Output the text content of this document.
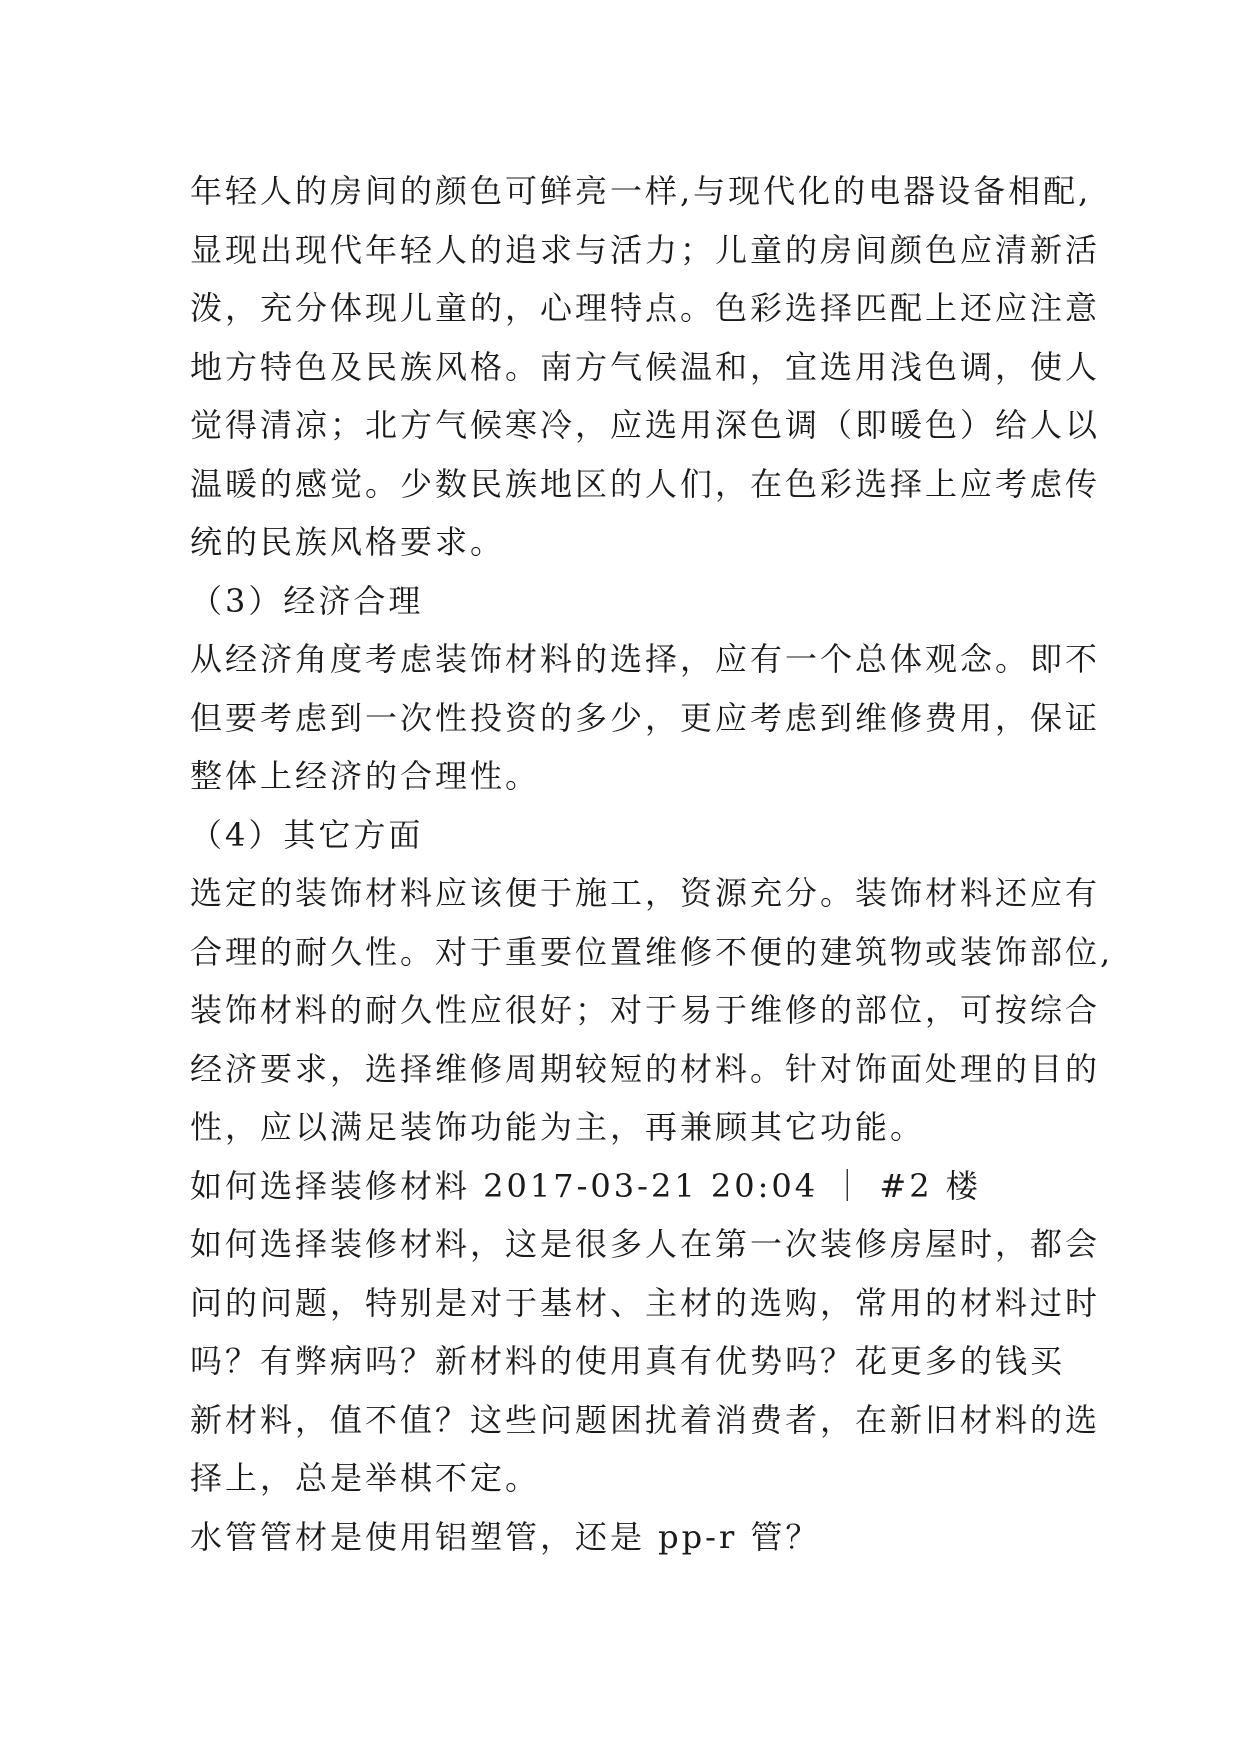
年轻人的房间的颜色可鲜亮一样,与现代化的电器设备相配,
显现出现代年轻人的追求与活力；儿童的房间颜色应清新活
泼，充分体现儿童的，心理特点。色彩选择匹配上还应注意
地方特色及民族风格。南方气候温和，宜选用浅色调，使人
觉得清凉；北方气候寒冷，应选用深色调（即暖色）给人以
温暖的感觉。少数民族地区的人们，在色彩选择上应考虑传
统的民族风格要求。
（3）经济合理
从经济角度考虑装饰材料的选择，应有一个总体观念。即不
但要考虑到一次性投资的多少，更应考虑到维修费用，保证
整体上经济的合理性。
（4）其它方面
选定的装饰材料应该便于施工，资源充分。装饰材料还应有
合理的耐久性。对于重要位置维修不便的建筑物或装饰部位,
装饰材料的耐久性应很好；对于易于维修的部位，可按综合
经济要求，选择维修周期较短的材料。针对饰面处理的目的
性，应以满足装饰功能为主，再兼顾其它功能。
如何选择装修材料 2017-03-21 20:04 ｜ #2 楼
如何选择装修材料，这是很多人在第一次装修房屋时，都会
问的问题，特别是对于基材、主材的选购，常用的材料过时
吗？有弊病吗？新材料的使用真有优势吗？花更多的钱买
新材料，值不值？这些问题困扰着消费者，在新旧材料的选
择上，总是举棋不定。
水管管材是使用铝塑管，还是 pp-r 管？
